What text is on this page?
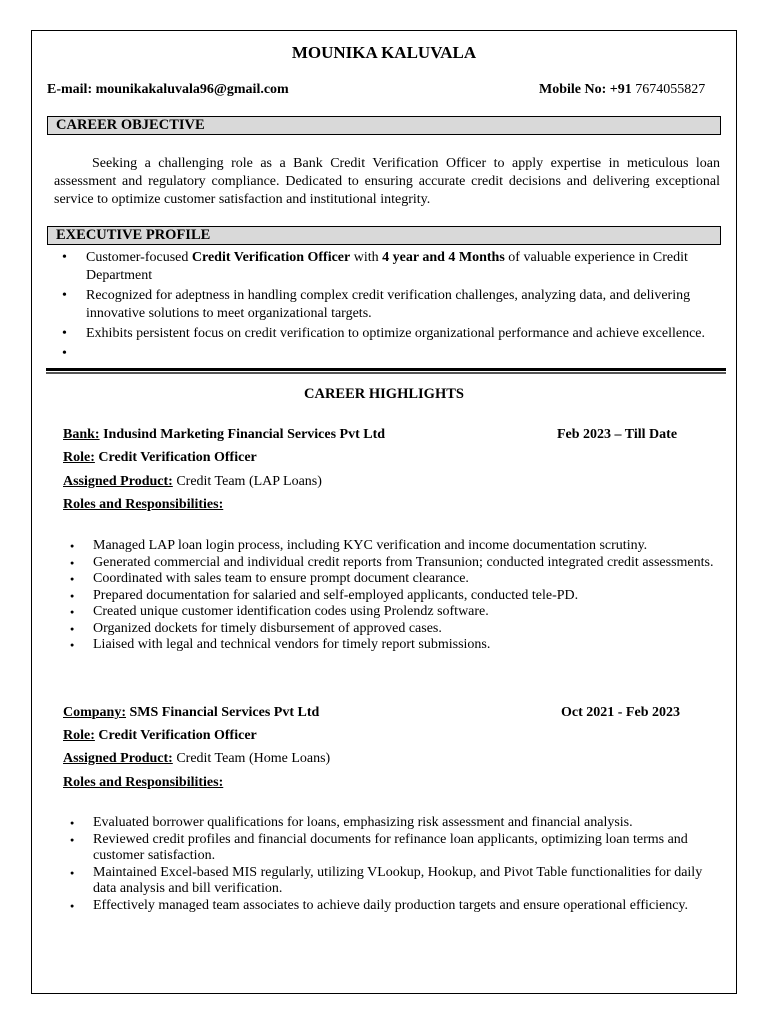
MOUNIKA KALUVALA
E-mail: mounikakaluvala96@gmail.com	Mobile No: +91 7674055827
CAREER OBJECTIVE
Seeking a challenging role as a Bank Credit Verification Officer to apply expertise in meticulous loan assessment and regulatory compliance. Dedicated to ensuring accurate credit decisions and delivering exceptional service to optimize customer satisfaction and institutional integrity.
EXECUTIVE PROFILE
• Customer-focused Credit Verification Officer with 4 year and 4 Months of valuable experience in Credit Department
• Recognized for adeptness in handling complex credit verification challenges, analyzing data, and delivering innovative solutions to meet organizational targets.
• Exhibits persistent focus on credit verification to optimize organizational performance and achieve excellence.
•
CAREER HIGHLIGHTS
Bank: Indusind Marketing Financial Services Pvt Ltd	Feb 2023 – Till Date
Role: Credit Verification Officer
Assigned Product: Credit Team (LAP Loans)
Roles and Responsibilities:
● Managed LAP loan login process, including KYC verification and income documentation scrutiny.
● Generated commercial and individual credit reports from Transunion; conducted integrated credit assessments.
● Coordinated with sales team to ensure prompt document clearance.
● Prepared documentation for salaried and self-employed applicants, conducted tele-PD.
● Created unique customer identification codes using Prolendz software.
● Organized dockets for timely disbursement of approved cases.
● Liaised with legal and technical vendors for timely report submissions.
Company: SMS Financial Services Pvt Ltd	Oct 2021 - Feb 2023
Role: Credit Verification Officer
Assigned Product: Credit Team (Home Loans)
Roles and Responsibilities:
● Evaluated borrower qualifications for loans, emphasizing risk assessment and financial analysis.
● Reviewed credit profiles and financial documents for refinance loan applicants, optimizing loan terms and customer satisfaction.
● Maintained Excel-based MIS regularly, utilizing VLookup, Hookup, and Pivot Table functionalities for daily data analysis and bill verification.
● Effectively managed team associates to achieve daily production targets and ensure operational efficiency.
